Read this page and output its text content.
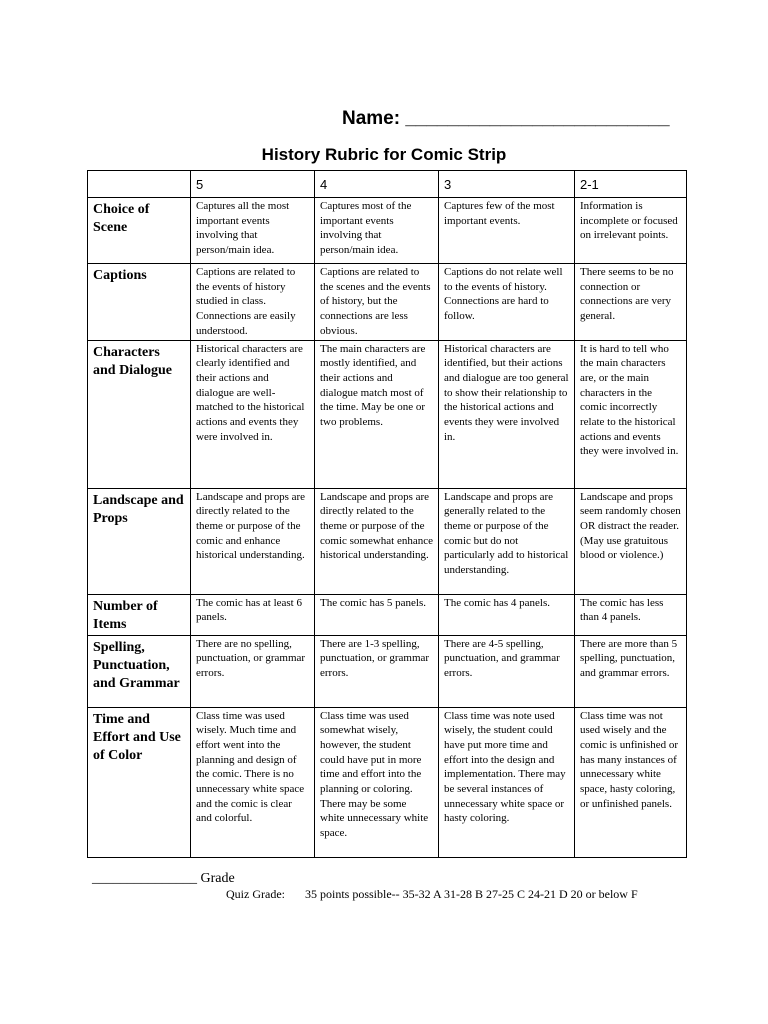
Name: _________________________
History Rubric for Comic Strip
	5	4	3	2-1
Choice of Scene	Captures all the most important events involving that person/main idea.	Captures most of the important events involving that person/main idea.	Captures few of the most important events.	Information is incomplete or focused on irrelevant points.
Captions	Captions are related to the events of history studied in class. Connections are easily understood.	Captions are related to the scenes and the events of history, but the connections are less obvious.	Captions do not relate well to the events of history. Connections are hard to follow.	There seems to be no connection or connections are very general.
Characters and Dialogue	Historical characters are clearly identified and their actions and dialogue are well-matched to the historical actions and events they were involved in.	The main characters are mostly identified, and their actions and dialogue match most of the time. May be one or two problems.	Historical characters are identified, but their actions and dialogue are too general to show their relationship to the historical actions and events they were involved in.	It is hard to tell who the main characters are, or the main characters in the comic incorrectly relate to the historical actions and events they were involved in.
Landscape and Props	Landscape and props are directly related to the theme or purpose of the comic and enhance historical understanding.	Landscape and props are directly related to the theme or purpose of the comic somewhat enhance historical understanding.	Landscape and props are generally related to the theme or purpose of the comic but do not particularly add to historical understanding.	Landscape and props seem randomly chosen OR distract the reader. (May use gratuitous blood or violence.)
Number of Items	The comic has at least 6 panels.	The comic has 5 panels.	The comic has 4 panels.	The comic has less than 4 panels.
Spelling, Punctuation, and Grammar	There are no spelling, punctuation, or grammar errors.	There are 1-3 spelling, punctuation, or grammar errors.	There are 4-5 spelling, punctuation, and grammar errors.	There are more than 5 spelling, punctuation, and grammar errors.
Time and Effort and Use of Color	Class time was used wisely. Much time and effort went into the planning and design of the comic. There is no unnecessary white space and the comic is clear and colorful.	Class time was used somewhat wisely, however, the student could have put in more time and effort into the planning or coloring. There may be some white unnecessary white space.	Class time was note used wisely, the student could have put more time and effort into the design and implementation. There may be several instances of unnecessary white space or hasty coloring.	Class time was not used wisely and the comic is unfinished or has many instances of unnecessary white space, hasty coloring, or unfinished panels.
_______________ Grade
Quiz Grade: 35 points possible-- 35-32 A 31-28 B 27-25 C 24-21 D 20 or below F
